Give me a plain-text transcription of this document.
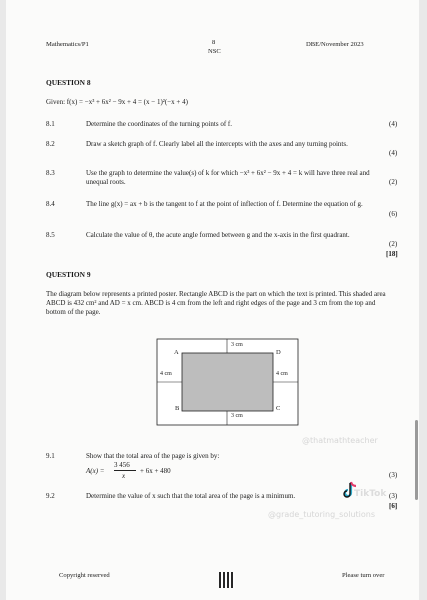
Mathematics/P1	8
NSC
DBE/November 2023
QUESTION 8
Given: f(x) = −x³ + 6x² − 9x + 4 = (x − 1)²(−x + 4)
8.1	Determine the coordinates of the turning points of f.	(4)
8.2	Draw a sketch graph of f. Clearly label all the intercepts with the axes and any turning points.
(4)
8.3	Use the graph to determine the value(s) of k for which −x³ + 6x² − 9x + 4 = k will have three real and unequal roots.	(2)
8.4	The line g(x) = ax + b is the tangent to f at the point of inflection of f. Determine the equation of g.
(6)
8.5	Calculate the value of θ, the acute angle formed between g and the x-axis in the first quadrant.
(2)
[18]
QUESTION 9
The diagram below represents a printed poster. Rectangle ABCD is the part on which the text is printed. This shaded area ABCD is 432 cm² and AD = x cm. ABCD is 4 cm from the left and right edges of the page and 3 cm from the top and bottom of the page.
A
B	C
D
3 cm
3 cm
4 cm	4 cm
9.1	Show that the total area of the page is given by:
A(x) =
3 456
x
+ 6x + 480	(3)
9.2	Determine the value of x such that the total area of the page is a minimum.	(3)
[6]
@thatmathteacher
TikTok
@grade_tutoring_solutions
Copyright reserved	Please turn over
